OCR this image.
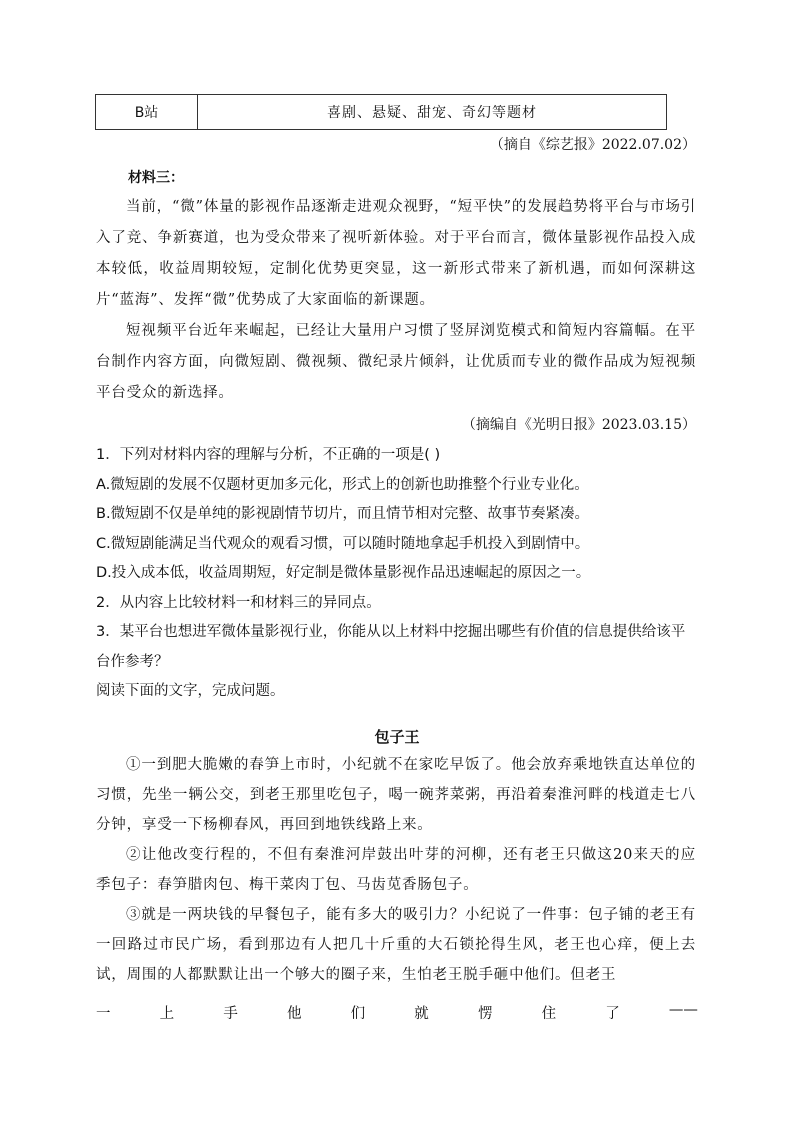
B站	喜剧、悬疑、甜宠、奇幻等题材
（摘自《综艺报》2022.07.02）
材料三：

当前，“微”体量的影视作品逐渐走进观众视野，“短平快”的发展趋势将平台与市场引入了竞、争新赛道，也为受众带来了视听新体验。对于平台而言，微体量影视作品投入成本较低，收益周期较短，定制化优势更突显，这一新形式带来了新机遇，而如何深耕这片“蓝海”、发挥“微”优势成了大家面临的新课题。

短视频平台近年来崛起，已经让大量用户习惯了竖屏浏览模式和简短内容篇幅。在平台制作内容方面，向微短剧、微视频、微纪录片倾斜，让优质而专业的微作品成为短视频平台受众的新选择。

（摘编自《光明日报》2023.03.15）
1．下列对材料内容的理解与分析，不正确的一项是( )
A.微短剧的发展不仅题材更加多元化，形式上的创新也助推整个行业专业化。
B.微短剧不仅是单纯的影视剧情节切片，而且情节相对完整、故事节奏紧凑。
C.微短剧能满足当代观众的观看习惯，可以随时随地拿起手机投入到剧情中。
D.投入成本低，收益周期短，好定制是微体量影视作品迅速崛起的原因之一。
2．从内容上比较材料一和材料三的异同点。
3．某平台也想进军微体量影视行业，你能从以上材料中挖掘出哪些有价值的信息提供给该平台作参考？
阅读下面的文字，完成问题。
包子王

①一到肥大脆嫩的春笋上市时，小纪就不在家吃早饭了。他会放弃乘地铁直达单位的习惯，先坐一辆公交，到老王那里吃包子，喝一碗荠菜粥，再沿着秦淮河畔的栈道走七八分钟，享受一下杨柳春风，再回到地铁线路上来。

②让他改变行程的，不但有秦淮河岸鼓出叶芽的河柳，还有老王只做这20来天的应季包子：春笋腊肉包、梅干菜肉丁包、马齿苋香肠包子。

③就是一两块钱的早餐包子，能有多大的吸引力？小纪说了一件事：包子铺的老王有一回路过市民广场，看到那边有人把几十斤重的大石锁抡得生风，老王也心痒，便上去试，周围的人都默默让出一个够大的圈子来，生怕老王脱手砸中他们。但老王

一	上	手	他	们	就	愣	住	了	——
